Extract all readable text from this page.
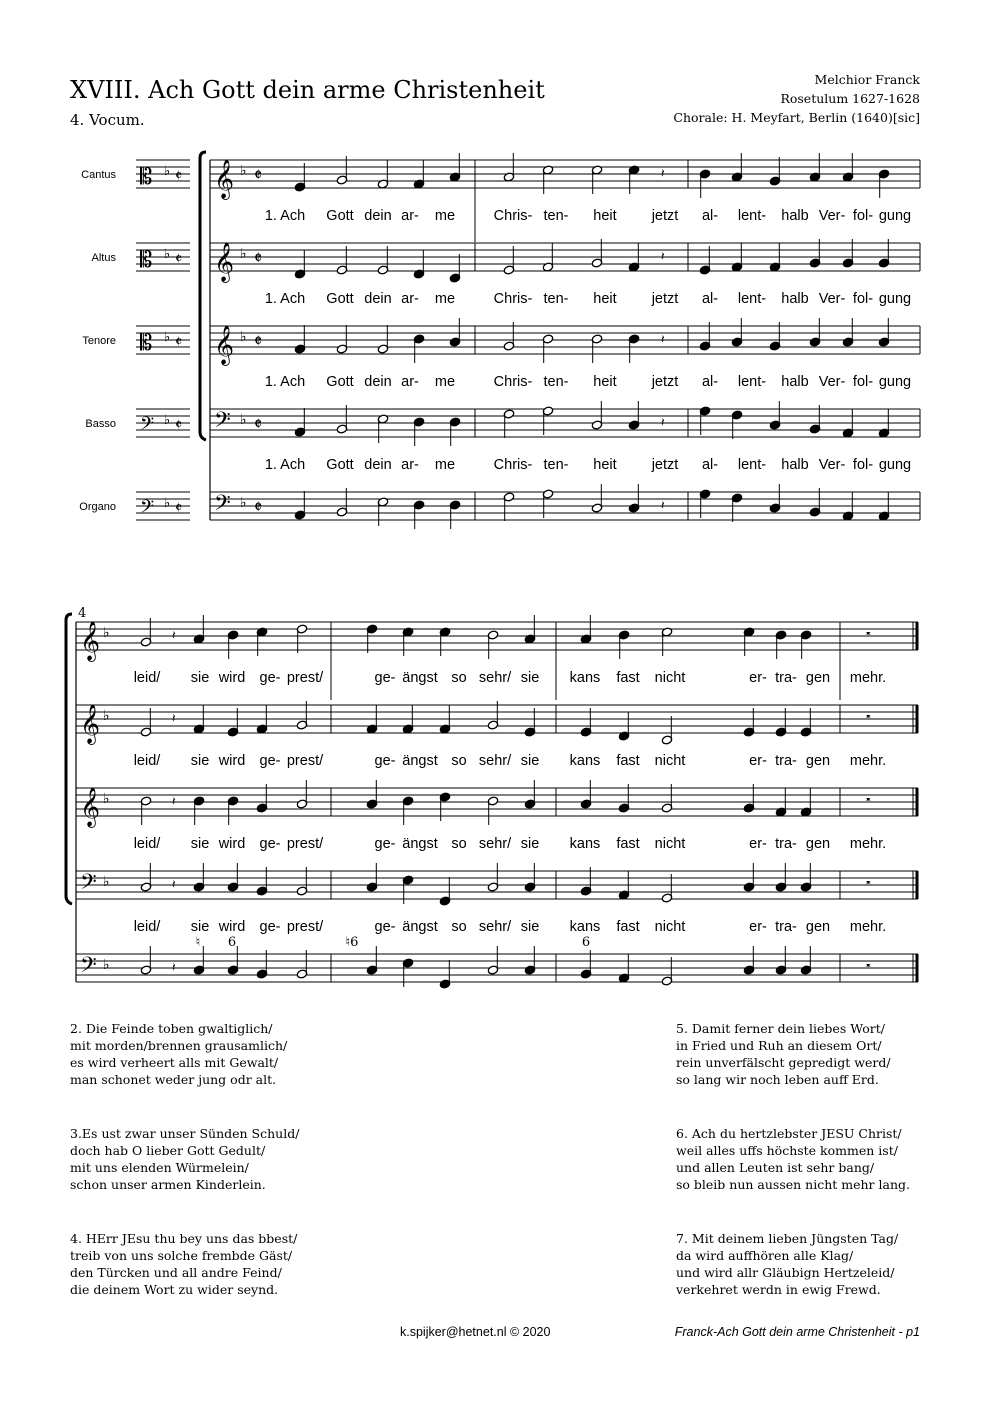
XVIII. Ach Gott dein arme Christenheit
4. Vocum.
Melchior Franck
Rosetulum 1627-1628
Chorale: H. Meyfart, Berlin (1640)[sic]
Cantus	𝄞 ♭ 𝄵
𝄡 ♭ 𝄵
Altus	𝄞 ♭ 𝄵
𝄡 ♭ 𝄵
Tenore	𝄞 ♭ 𝄵
𝄡 ♭ 𝄵
Basso	𝄢 ♭ 𝄵
𝄢 ♭ 𝄵
Organo	𝄢 ♭ 𝄵
𝄢 ♭ 𝄵
𝄽
𝄽
𝄽
𝄽
𝄽
1. Ach Gott dein ar- me	Chris- ten- heit jetzt al- lent- halb Ver- fol- gung
1. Ach Gott dein ar- me	Chris- ten- heit jetzt al- lent- halb Ver- fol- gung
1. Ach Gott dein ar- me	Chris- ten- heit jetzt al- lent- halb Ver- fol- gung
1. Ach Gott dein ar- me	Chris- ten- heit jetzt al- lent- halb Ver- fol- gung
𝄞 ♭	𝄺
𝄞 ♭	𝄺
𝄞 ♭	𝄺
𝄢 ♭	𝄺
𝄢 ♭	𝄺
4
𝄽
𝄽
𝄽
𝄽
𝄽
leid/ sie wird ge- prest/	ge- ängst so sehr/ sie kans fast nicht	er- tra- gen mehr.
leid/ sie wird ge- prest/	ge- ängst so sehr/ sie kans fast nicht	er- tra- gen mehr.
leid/ sie wird ge- prest/	ge- ängst so sehr/ sie kans fast nicht	er- tra- gen mehr.
leid/ sie wird ge- prest/	ge- ängst so sehr/ sie kans fast nicht	er- tra- gen mehr.
♮ 6	♮6	6
2. Die Feinde toben gwaltiglich/
mit morden/brennen grausamlich/
es wird verheert alls mit Gewalt/
man schonet weder jung odr alt.
3.Es ust zwar unser Sünden Schuld/
doch hab O lieber Gott Gedult/
mit uns elenden Würmelein/
schon unser armen Kinderlein.
4. HErr JEsu thu bey uns das bbest/
treib von uns solche frembde Gäst/
den Türcken und all andre Feind/
die deinem Wort zu wider seynd.
5. Damit ferner dein liebes Wort/
in Fried und Ruh an diesem Ort/
rein unverfälscht gepredigt werd/
so lang wir noch leben auff Erd.
6. Ach du hertzlebster JESU Christ/
weil alles uffs höchste kommen ist/
und allen Leuten ist sehr bang/
so bleib nun aussen nicht mehr lang.
7. Mit deinem lieben Jüngsten Tag/
da wird auffhören alle Klag/
und wird allr Gläubign Hertzeleid/
verkehret werdn in ewig Frewd.
k.spijker@hetnet.nl © 2020	Franck-Ach Gott dein arme Christenheit - p1
